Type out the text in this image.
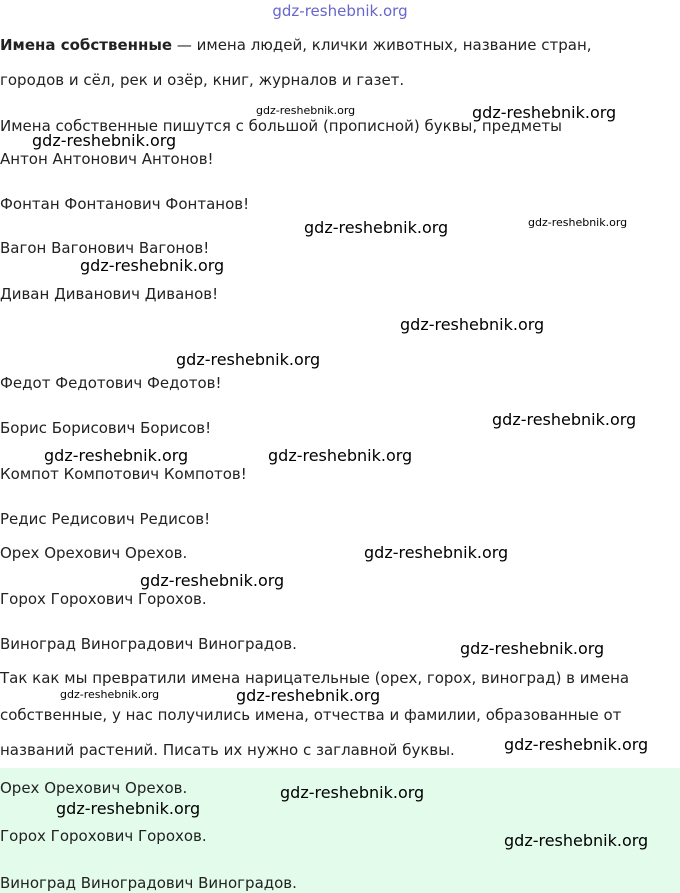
gdz-reshebnik.org
Имена собственные — имена людей, клички животных, название стран,
городов и сёл, рек и озёр, книг, журналов и газет.
Имена собственные пишутся с большой (прописной) буквы, предметы
Антон Антонович Антонов!
Фонтан Фонтанович Фонтанов!
Вагон Вагонович Вагонов!
Диван Диванович Диванов!
Федот Федотович Федотов!
Борис Борисович Борисов!
Компот Компотович Компотов!
Редис Редисович Редисов!
Орех Орехович Орехов.
Горох Горохович Горохов.
Виноград Виноградович Виноградов.
Так как мы превратили имена нарицательные (орех, горох, виноград) в имена
собственные, у нас получились имена, отчества и фамилии, образованные от
названий растений. Писать их нужно с заглавной буквы.
Орех Орехович Орехов.
Горох Горохович Горохов.
Виноград Виноградович Виноградов.
gdz-reshebnik.org	gdz-reshebnik.org
gdz-reshebnik.org
gdz-reshebnik.org	gdz-reshebnik.org
gdz-reshebnik.org
gdz-reshebnik.org
gdz-reshebnik.org
gdz-reshebnik.org
gdz-reshebnik.org	gdz-reshebnik.org
gdz-reshebnik.org
gdz-reshebnik.org
gdz-reshebnik.org
gdz-reshebnik.org	gdz-reshebnik.org
gdz-reshebnik.org
gdz-reshebnik.org
gdz-reshebnik.org
gdz-reshebnik.org
